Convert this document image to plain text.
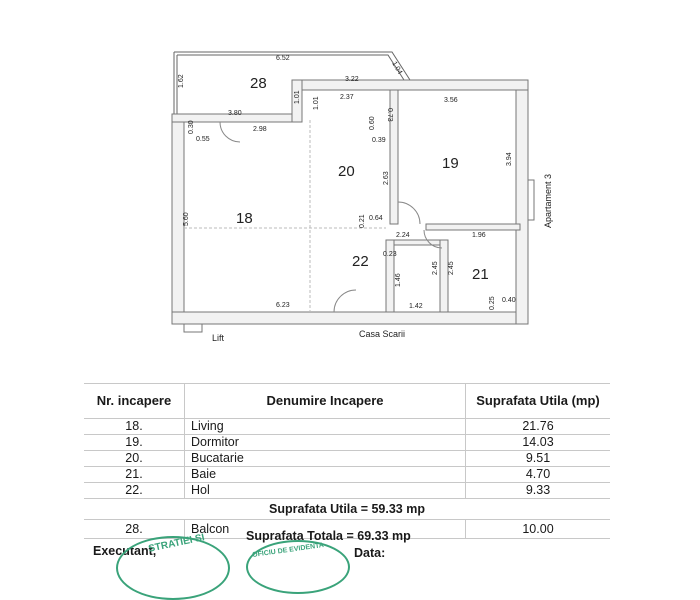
28
20	19
18
22
21
6.52
1.62	3.22
1.04
2.37
1.01 1.01
0.73
3.56
3.80
2.98
0.30
0.55
0.60
0.39
2.63
3.94
5.60	0.21 0.64
2.24	1.96
0.23
2.45 2.45
1.46
6.23	1.42	0.25 0.40
Apartament 3
Lift	Casa Scarii
Nr. incapere	Denumire Incapere	Suprafata Utila (mp)
18.	Living	21.76
19.	Dormitor	14.03
20.	Bucatarie	9.51
21.	Baie	4.70
22.	Hol	9.33
Suprafata Utila = 59.33 mp		
28.	Balcon	10.00
Suprafata Totala = 69.33 mp
Executant,	Data:
STRATIEI SI	OFICIU DE EVIDENTA
